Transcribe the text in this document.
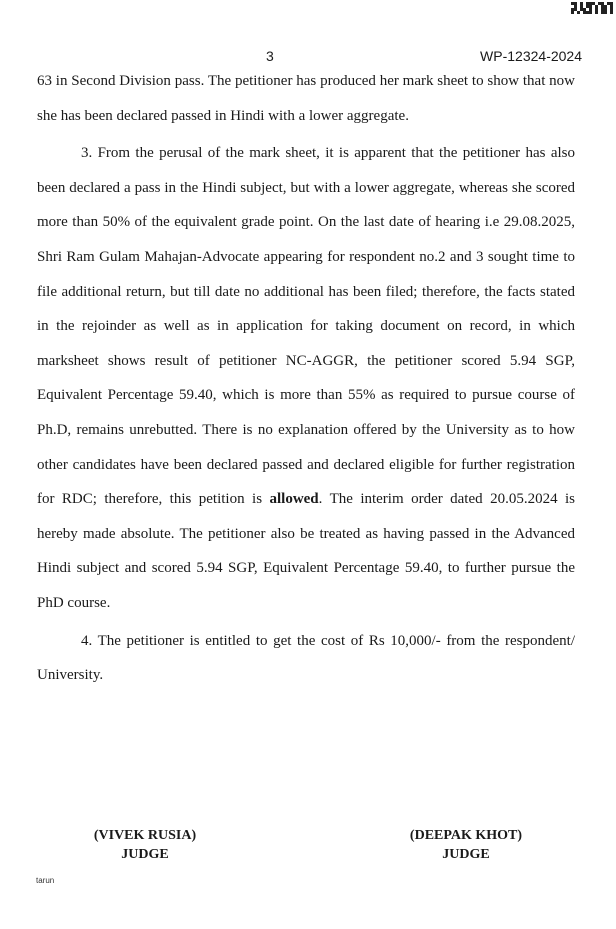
3	WP-12324-2024

63 in Second Division pass. The petitioner has produced her mark sheet to show that now she has been declared passed in Hindi with a lower aggregate.

3. From the perusal of the mark sheet, it is apparent that the petitioner has also been declared a pass in the Hindi subject, but with a lower aggregate, whereas she scored more than 50% of the equivalent grade point. On the last date of hearing i.e 29.08.2025, Shri Ram Gulam Mahajan-Advocate appearing for respondent no.2 and 3 sought time to file additional return, but till date no additional has been filed; therefore, the facts stated in the rejoinder as well as in application for taking document on record, in which marksheet shows result of petitioner NC-AGGR, the petitioner scored 5.94 SGP, Equivalent Percentage 59.40, which is more than 55% as required to pursue course of Ph.D, remains unrebutted. There is no explanation offered by the University as to how other candidates have been declared passed and declared eligible for further registration for RDC; therefore, this petition is allowed. The interim order dated 20.05.2024 is hereby made absolute. The petitioner also be treated as having passed in the Advanced Hindi subject and scored 5.94 SGP, Equivalent Percentage 59.40, to further pursue the PhD course.

4. The petitioner is entitled to get the cost of Rs 10,000/- from the respondent/ University.

(VIVEK RUSIA)
JUDGE
(DEEPAK KHOT)
JUDGE
tarun
